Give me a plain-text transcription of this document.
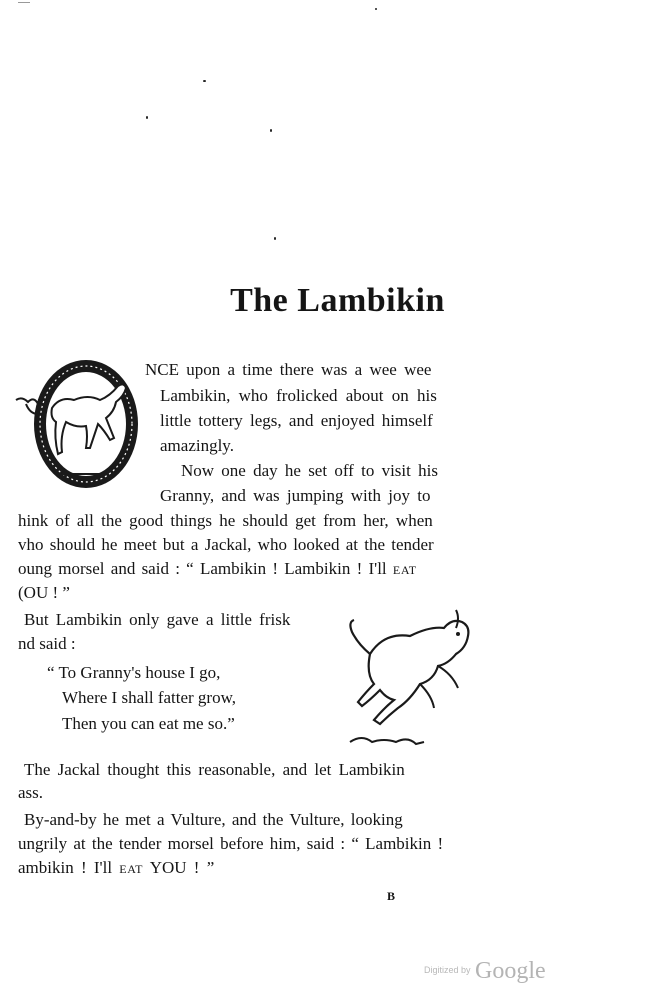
The Lambikin
NCE upon a time there was a wee wee
Lambikin, who frolicked about on his
little tottery legs, and enjoyed himself
amazingly.
Now one day he set off to visit his
Granny, and was jumping with joy to
hink of all the good things he should get from her, when
vho should he meet but a Jackal, who looked at the tender
oung morsel and said : “ Lambikin ! Lambikin ! I'll EAT
(OU ! ”
But Lambikin only gave a little frisk
nd said :
“ To Granny's house I go,
Where I shall fatter grow,
Then you can eat me so.”
The Jackal thought this reasonable, and let Lambikin
ass.
By-and-by he met a Vulture, and the Vulture, looking
ungrily at the tender morsel before him, said : “ Lambikin !
ambikin ! I'll EAT YOU ! ”
B
Digitized by Google
